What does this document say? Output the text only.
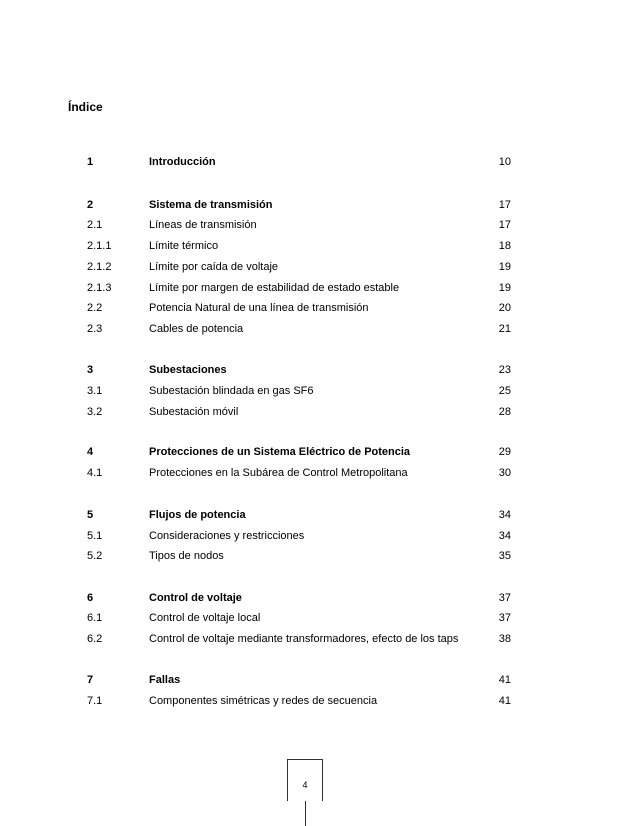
Índice
1	Introducción	10
2	Sistema de transmisión	17
2.1	Líneas de transmisión	17
2.1.1	Límite térmico	18
2.1.2	Límite por caída de voltaje	19
2.1.3	Límite por margen de estabilidad de estado estable	19
2.2	Potencia Natural de una línea de transmisión	20
2.3	Cables de potencia	21
3	Subestaciones	23
3.1	Subestación blindada en gas SF6	25
3.2	Subestación móvil	28
4	Protecciones de un Sistema Eléctrico de Potencia	29
4.1	Protecciones en la Subárea de Control Metropolitana	30
5	Flujos de potencia	34
5.1	Consideraciones y restricciones	34
5.2	Tipos de nodos	35
6	Control de voltaje	37
6.1	Control de voltaje local	37
6.2	Control de voltaje mediante transformadores, efecto de los taps	38
7	Fallas	41
7.1	Componentes simétricas y redes de secuencia	41
4
